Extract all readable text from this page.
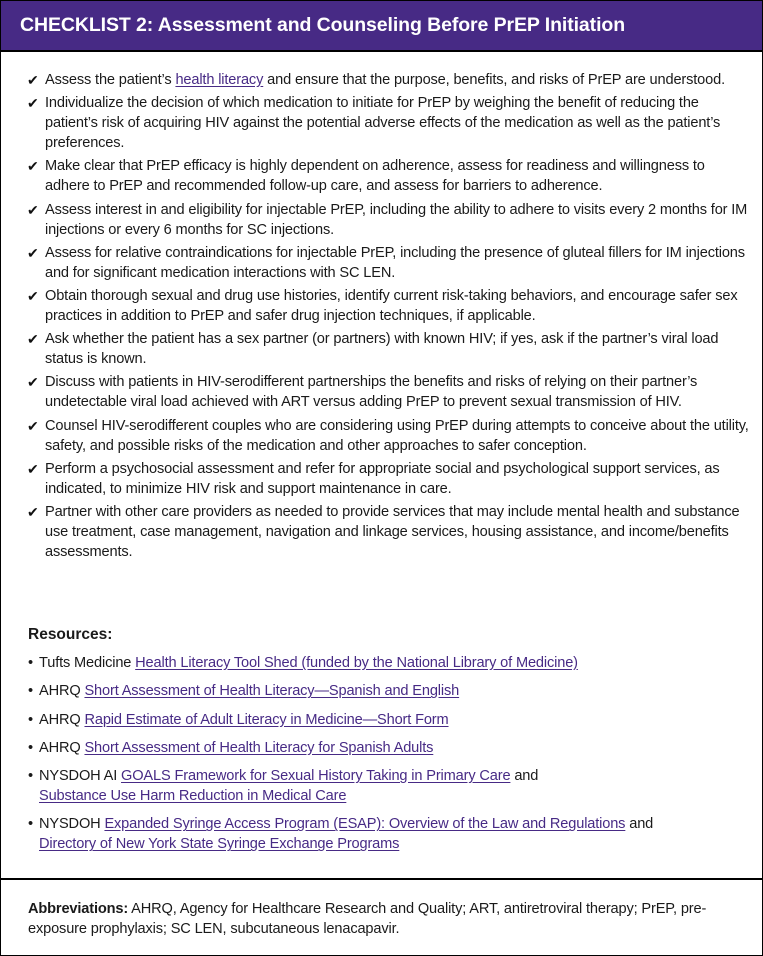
CHECKLIST 2: Assessment and Counseling Before PrEP Initiation
✔ Assess the patient’s health literacy and ensure that the purpose, benefits, and risks of PrEP are understood.
✔ Individualize the decision of which medication to initiate for PrEP by weighing the benefit of reducing the patient’s risk of acquiring HIV against the potential adverse effects of the medication as well as the patient’s preferences.
✔ Make clear that PrEP efficacy is highly dependent on adherence, assess for readiness and willingness to adhere to PrEP and recommended follow-up care, and assess for barriers to adherence.
✔ Assess interest in and eligibility for injectable PrEP, including the ability to adhere to visits every 2 months for IM injections or every 6 months for SC injections.
✔ Assess for relative contraindications for injectable PrEP, including the presence of gluteal fillers for IM injections and for significant medication interactions with SC LEN.
✔ Obtain thorough sexual and drug use histories, identify current risk-taking behaviors, and encourage safer sex practices in addition to PrEP and safer drug injection techniques, if applicable.
✔ Ask whether the patient has a sex partner (or partners) with known HIV; if yes, ask if the partner’s viral load status is known.
✔ Discuss with patients in HIV-serodifferent partnerships the benefits and risks of relying on their partner’s undetectable viral load achieved with ART versus adding PrEP to prevent sexual transmission of HIV.
✔ Counsel HIV-serodifferent couples who are considering using PrEP during attempts to conceive about the utility, safety, and possible risks of the medication and other approaches to safer conception.
✔ Perform a psychosocial assessment and refer for appropriate social and psychological support services, as indicated, to minimize HIV risk and support maintenance in care.
✔ Partner with other care providers as needed to provide services that may include mental health and substance use treatment, case management, navigation and linkage services, housing assistance, and income/benefits assessments.
Resources:
• Tufts Medicine Health Literacy Tool Shed (funded by the National Library of Medicine)
• AHRQ Short Assessment of Health Literacy—Spanish and English
• AHRQ Rapid Estimate of Adult Literacy in Medicine—Short Form
• AHRQ Short Assessment of Health Literacy for Spanish Adults
• NYSDOH AI GOALS Framework for Sexual History Taking in Primary Care and
Substance Use Harm Reduction in Medical Care
• NYSDOH Expanded Syringe Access Program (ESAP): Overview of the Law and Regulations and
Directory of New York State Syringe Exchange Programs
Abbreviations: AHRQ, Agency for Healthcare Research and Quality; ART, antiretroviral therapy; PrEP, pre-exposure prophylaxis; SC LEN, subcutaneous lenacapavir.
